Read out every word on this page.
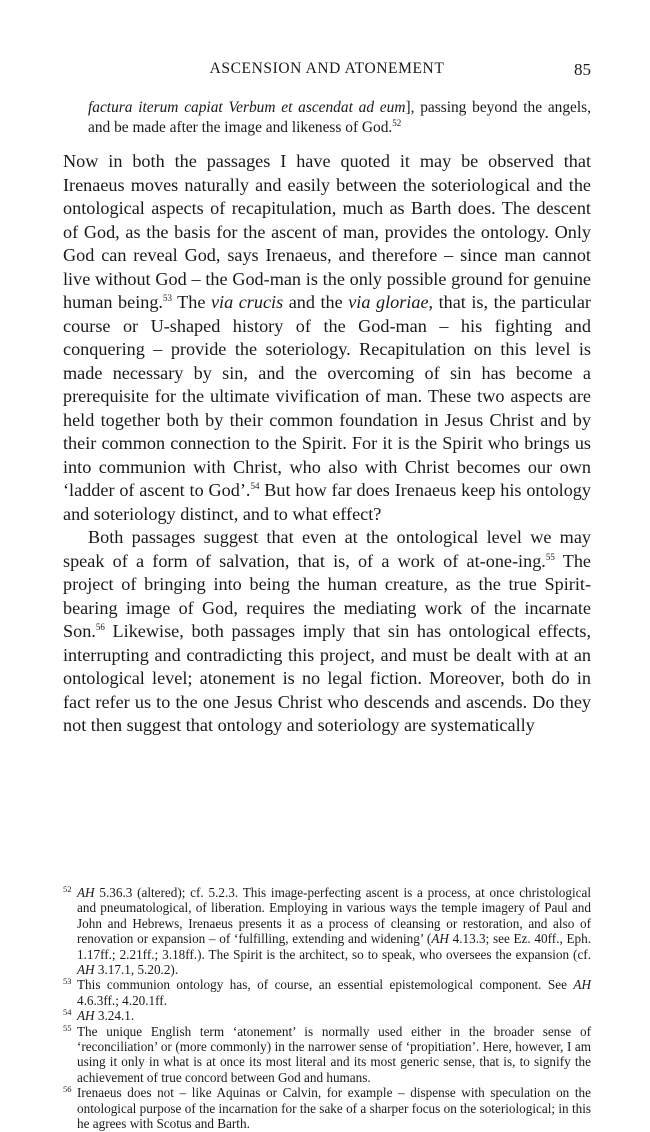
ASCENSION AND ATONEMENT	85
factura iterum capiat Verbum et ascendat ad eum], passing beyond the angels, and be made after the image and likeness of God.$^{52}$

Now in both the passages I have quoted it may be observed that Irenaeus moves naturally and easily between the soteriological and the ontological aspects of recapitulation, much as Barth does. The descent of God, as the basis for the ascent of man, provides the ontology. Only God can reveal God, says Irenaeus, and therefore – since man cannot live without God – the God-man is the only possible ground for genuine human being.$^{53}$ The via crucis and the via gloriae, that is, the particular course or U-shaped history of the God-man – his fighting and conquering – provide the soteriology. Recapitulation on this level is made necessary by sin, and the overcoming of sin has become a prerequisite for the ultimate vivification of man. These two aspects are held together both by their common foundation in Jesus Christ and by their common connection to the Spirit. For it is the Spirit who brings us into communion with Christ, who also with Christ becomes our own ‘ladder of ascent to God’.$^{54}$ But how far does Irenaeus keep his ontology and soteriology distinct, and to what effect?

Both passages suggest that even at the ontological level we may speak of a form of salvation, that is, of a work of at-one-ing.$^{55}$ The project of bringing into being the human creature, as the true Spirit-bearing image of God, requires the mediating work of the incarnate Son.$^{56}$ Likewise, both passages imply that sin has ontological effects, interrupting and contradicting this project, and must be dealt with at an ontological level; atonement is no legal fiction. Moreover, both do in fact refer us to the one Jesus Christ who descends and ascends. Do they not then suggest that ontology and soteriology are systematically

52 AH 5.36.3 (altered); cf. 5.2.3. This image-perfecting ascent is a process, at once christological and pneumatological, of liberation. Employing in various ways the temple imagery of Paul and John and Hebrews, Irenaeus presents it as a process of cleansing or restoration, and also of renovation or expansion – of ‘fulfilling, extending and widening’ (AH 4.13.3; see Ez. 40ff., Eph. 1.17ff.; 2.21ff.; 3.18ff.). The Spirit is the architect, so to speak, who oversees the expansion (cf. AH 3.17.1, 5.20.2).

53 This communion ontology has, of course, an essential epistemological component. See AH 4.6.3ff.; 4.20.1ff.

54 AH 3.24.1.

55 The unique English term ‘atonement’ is normally used either in the broader sense of ‘reconciliation’ or (more commonly) in the narrower sense of ‘propitiation’. Here, however, I am using it only in what is at once its most literal and its most generic sense, that is, to signify the achievement of true concord between God and humans.

56 Irenaeus does not – like Aquinas or Calvin, for example – dispense with speculation on the ontological purpose of the incarnation for the sake of a sharper focus on the soteriological; in this he agrees with Scotus and Barth.
